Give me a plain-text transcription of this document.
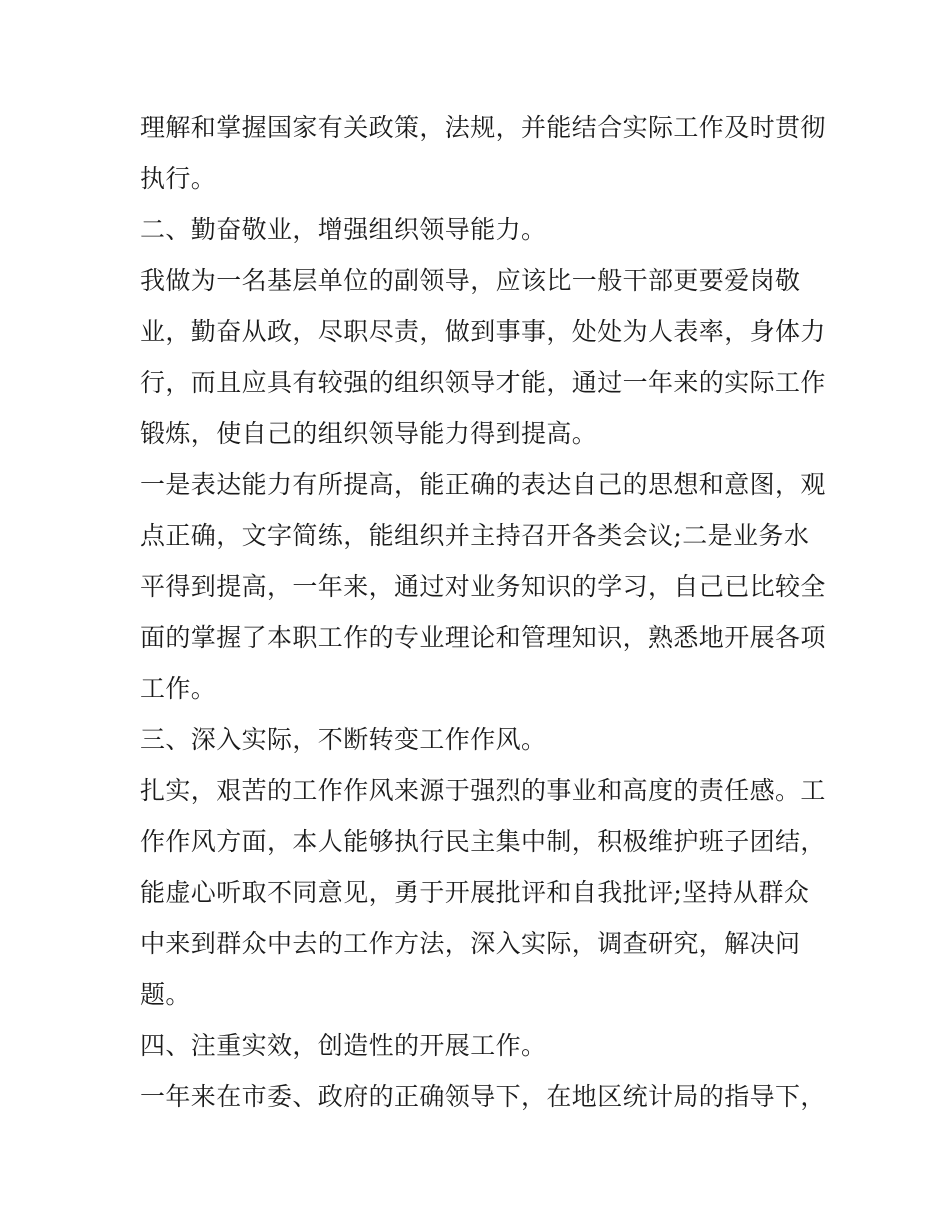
理解和掌握国家有关政策，法规，并能结合实际工作及时贯彻
执行。
二、勤奋敬业，增强组织领导能力。
我做为一名基层单位的副领导，应该比一般干部更要爱岗敬
业，勤奋从政，尽职尽责，做到事事，处处为人表率，身体力
行，而且应具有较强的组织领导才能，通过一年来的实际工作
锻炼，使自己的组织领导能力得到提高。
一是表达能力有所提高，能正确的表达自己的思想和意图，观
点正确，文字简练，能组织并主持召开各类会议;二是业务水
平得到提高，一年来，通过对业务知识的学习，自己已比较全
面的掌握了本职工作的专业理论和管理知识，熟悉地开展各项
工作。
三、深入实际，不断转变工作作风。
扎实，艰苦的工作作风来源于强烈的事业和高度的责任感。工
作作风方面，本人能够执行民主集中制，积极维护班子团结，
能虚心听取不同意见，勇于开展批评和自我批评;坚持从群众
中来到群众中去的工作方法，深入实际，调查研究，解决问
题。
四、注重实效，创造性的开展工作。
一年来在市委、政府的正确领导下，在地区统计局的指导下，
